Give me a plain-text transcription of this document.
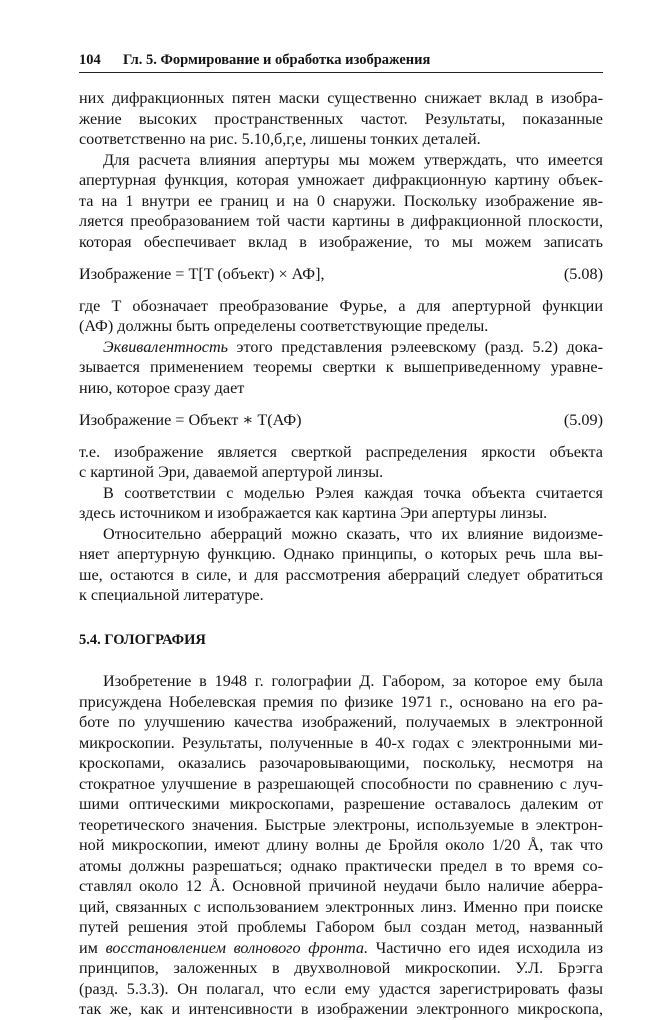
104 Гл. 5. Формирование и обработка изображения

них дифракционных пятен маски существенно снижает вклад в изобра-

жение высоких пространственных частот. Результаты, показанные

соответственно на рис. 5.10,б,г,е, лишены тонких деталей.

Для расчета влияния апертуры мы можем утверждать, что имеется

апертурная функция, которая умножает дифракционную картину объек-

та на 1 внутри ее границ и на 0 снаружи. Поскольку изображение яв-

ляется преобразованием той части картины в дифракционной плоскости,

которая обеспечивает вклад в изображение, то мы можем записать

Изображение = T[T (объект) × АФ],	(5.08)

где T обозначает преобразование Фурье, а для апертурной функции

(АФ) должны быть определены соответствующие пределы.

Эквивалентность этого представления рэлеевскому (разд. 5.2) дока-

зывается применением теоремы свертки к вышеприведенному уравне-

нию, которое сразу дает

Изображение = Объект ∗ T(АФ)	(5.09)

т.е. изображение является сверткой распределения яркости объекта

с картиной Эри, даваемой апертурой линзы.

В соответствии с моделью Рэлея каждая точка объекта считается

здесь источником и изображается как картина Эри апертуры линзы.

Относительно аберраций можно сказать, что их влияние видоизме-

няет апертурную функцию. Однако принципы, о которых речь шла вы-

ше, остаются в силе, и для рассмотрения аберраций следует обратиться

к специальной литературе.

5.4. ГОЛОГРАФИЯ

Изобретение в 1948 г. голографии Д. Габором, за которое ему была

присуждена Нобелевская премия по физике 1971 г., основано на его ра-

боте по улучшению качества изображений, получаемых в электронной

микроскопии. Результаты, полученные в 40-х годах с электронными ми-

кроскопами, оказались разочаровывающими, поскольку, несмотря на

стократное улучшение в разрешающей способности по сравнению с луч-

шими оптическими микроскопами, разрешение оставалось далеким от

теоретического значения. Быстрые электроны, используемые в электрон-

ной микроскопии, имеют длину волны де Бройля около 1/20 Å, так что

атомы должны разрешаться; однако практически предел в то время со-

ставлял около 12 Å. Основной причиной неудачи было наличие аберра-

ций, связанных с использованием электронных линз. Именно при поиске

путей решения этой проблемы Габором был создан метод, названный

им восстановлением волнового фронта. Частично его идея исходила из

принципов, заложенных в двухволновой микроскопии. У.Л. Брэгга

(разд. 5.3.3). Он полагал, что если ему удастся зарегистрировать фазы

так же, как и интенсивности в изображении электронного микроскопа,
